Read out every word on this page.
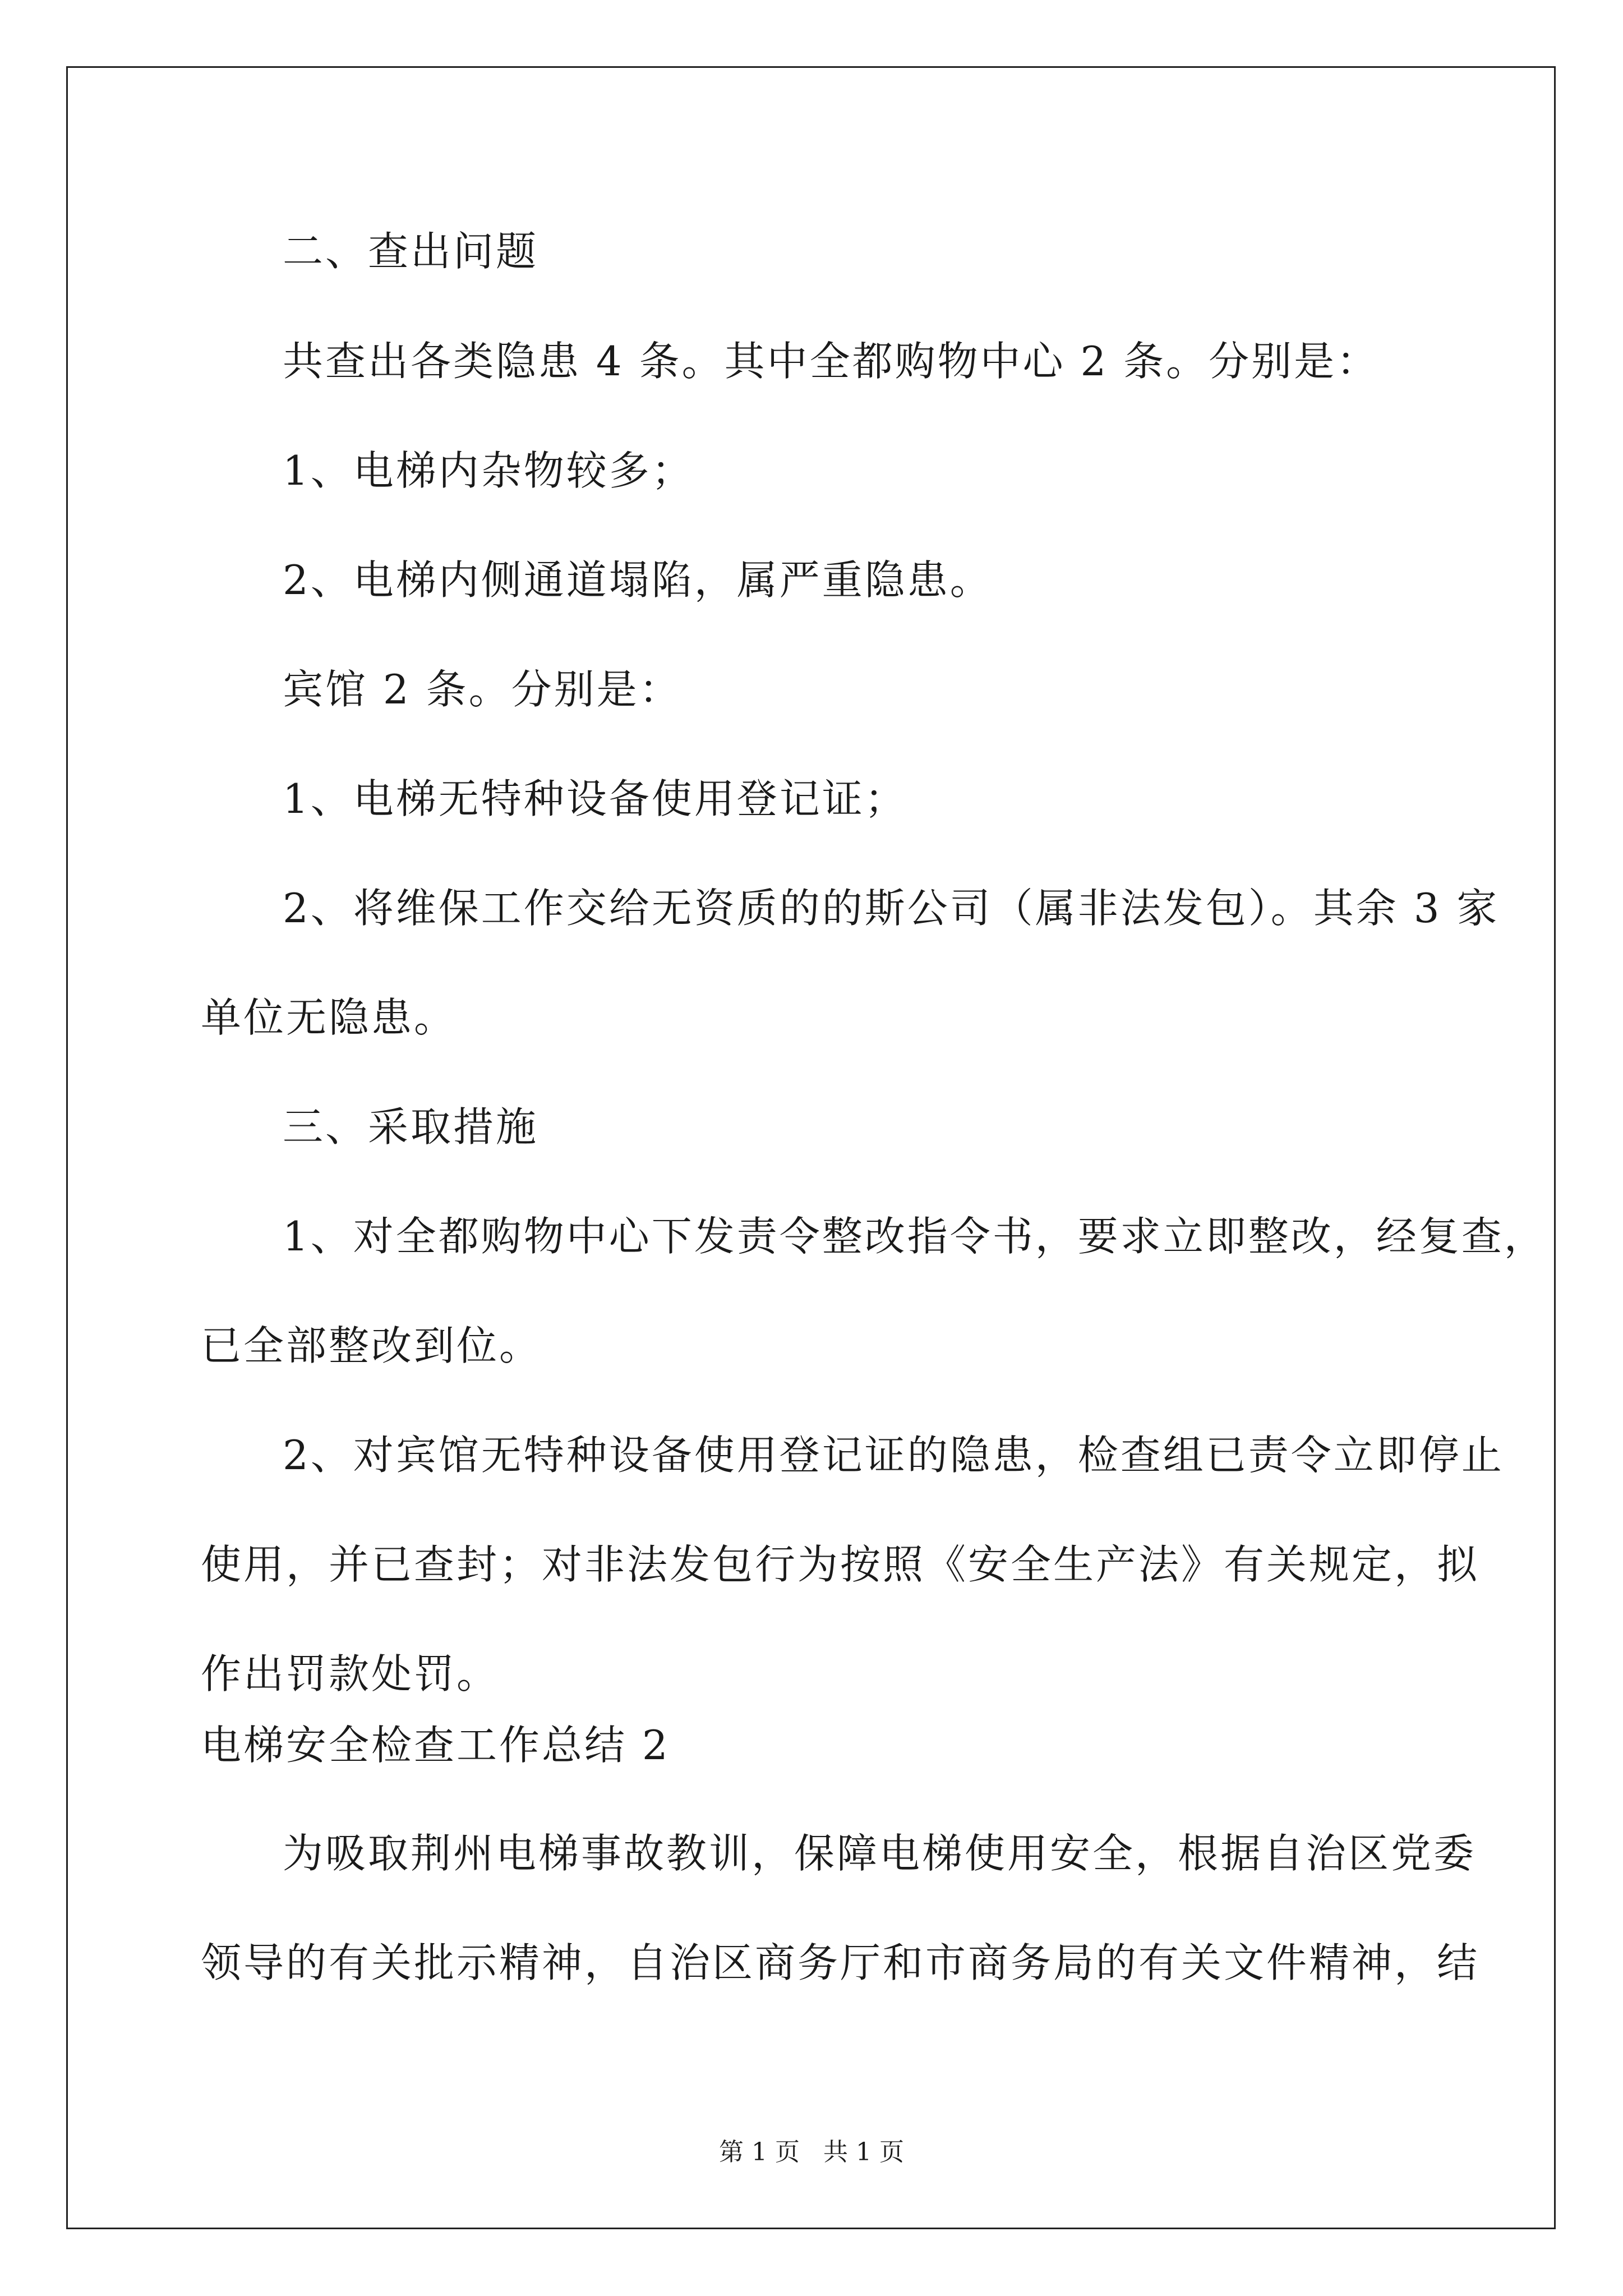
二、查出问题
共查出各类隐患 4 条。其中全都购物中心 2 条。分别是：
1、电梯内杂物较多；
2、电梯内侧通道塌陷，属严重隐患。
宾馆 2 条。分别是：
1、电梯无特种设备使用登记证；
2、将维保工作交给无资质的的斯公司（属非法发包）。其余 3 家
单位无隐患。
三、采取措施
1、对全都购物中心下发责令整改指令书，要求立即整改，经复查，
已全部整改到位。
2、对宾馆无特种设备使用登记证的隐患，检查组已责令立即停止
使用，并已查封；对非法发包行为按照《安全生产法》有关规定，拟
作出罚款处罚。
电梯安全检查工作总结 2
为吸取荆州电梯事故教训，保障电梯使用安全，根据自治区党委
领导的有关批示精神，自治区商务厅和市商务局的有关文件精神，结
第 1 页   共 1 页
